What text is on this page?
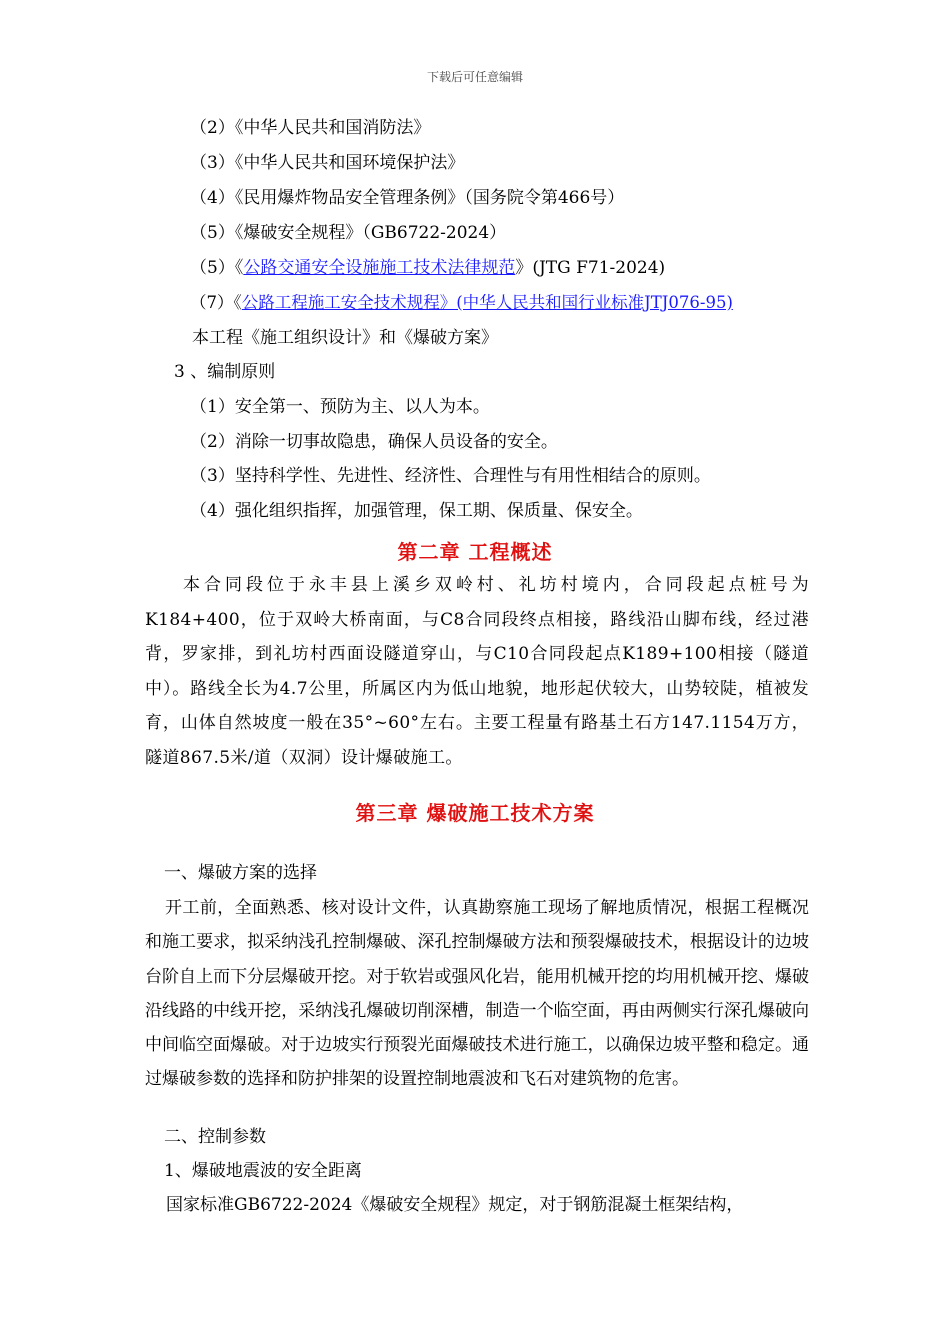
下载后可任意编辑
（2）《中华人民共和国消防法》
（3）《中华人民共和国环境保护法》
（4）《民用爆炸物品安全管理条例》（国务院令第466号）
（5）《爆破安全规程》（GB6722-2024）
（5）《公路交通安全设施施工技术法律规范》(JTG F71-2024)
（7）《公路工程施工安全技术规程》(中华人民共和国行业标准JTJ076-95)
本工程《施工组织设计》和《爆破方案》
3 、编制原则
（1）安全第一、预防为主、以人为本。
（2）消除一切事故隐患，确保人员设备的安全。
（3）坚持科学性、先进性、经济性、合理性与有用性相结合的原则。
（4）强化组织指挥，加强管理，保工期、保质量、保安全。
第二章 工程概述
本合同段位于永丰县上溪乡双岭村、礼坊村境内，合同段起点桩号为K184+400，位于双岭大桥南面，与C8合同段终点相接，路线沿山脚布线，经过港背，罗家排，到礼坊村西面设隧道穿山，与C10合同段起点K189+100相接（隧道中）。路线全长为4.7公里，所属区内为低山地貌，地形起伏较大，山势较陡，植被发育，山体自然坡度一般在35°~60°左右。主要工程量有路基土石方147.1154万方，隧道867.5米/道（双洞）设计爆破施工。
第三章 爆破施工技术方案
一、爆破方案的选择
开工前，全面熟悉、核对设计文件，认真勘察施工现场了解地质情况，根据工程概况和施工要求，拟采纳浅孔控制爆破、深孔控制爆破方法和预裂爆破技术，根据设计的边坡台阶自上而下分层爆破开挖。对于软岩或强风化岩，能用机械开挖的均用机械开挖、爆破沿线路的中线开挖，采纳浅孔爆破切削深槽，制造一个临空面，再由两侧实行深孔爆破向中间临空面爆破。对于边坡实行预裂光面爆破技术进行施工，以确保边坡平整和稳定。通过爆破参数的选择和防护排架的设置控制地震波和飞石对建筑物的危害。
二、控制参数
1、爆破地震波的安全距离
国家标准GB6722-2024《爆破安全规程》规定，对于钢筋混凝土框架结构，
